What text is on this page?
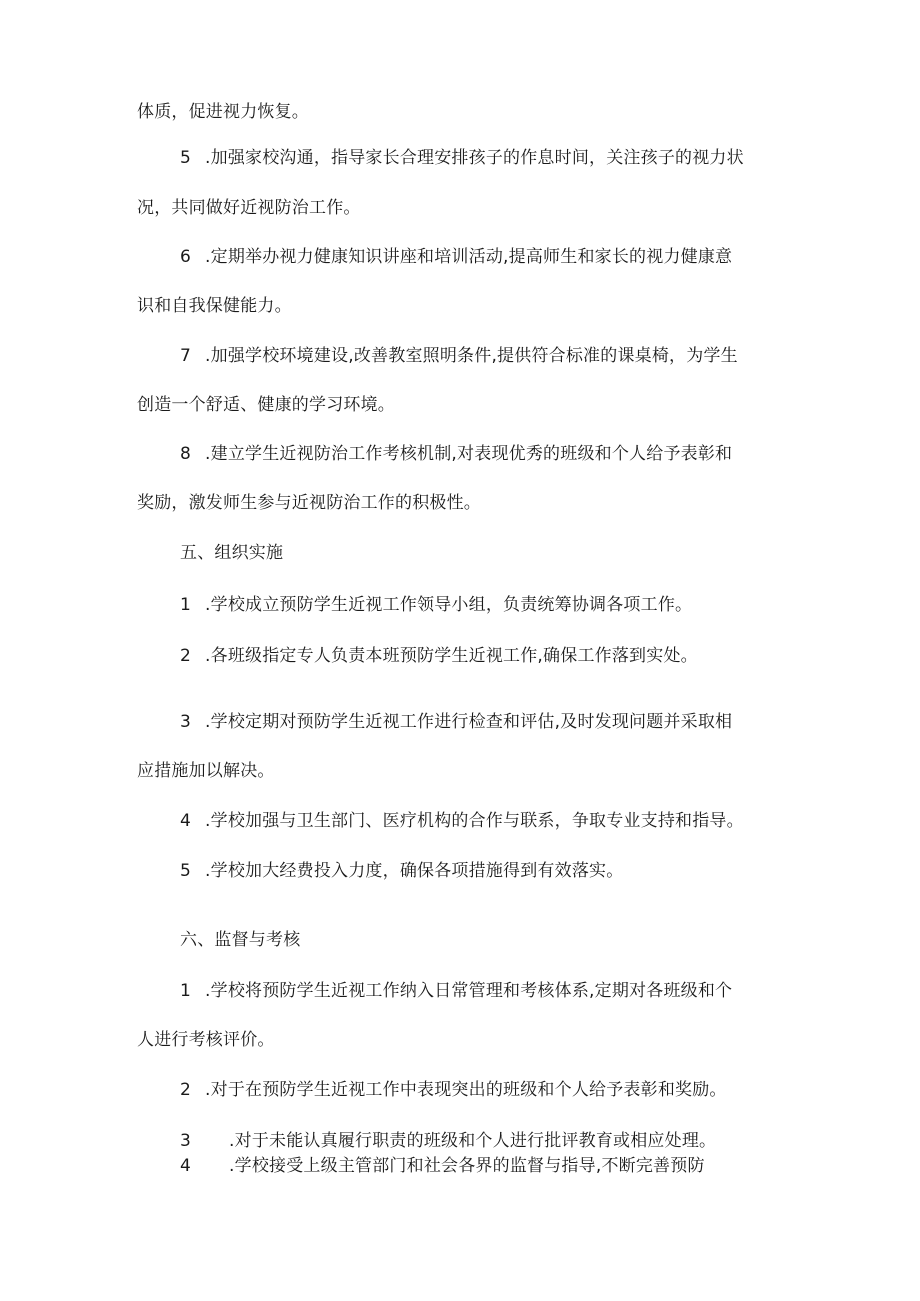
体质，促进视力恢复。
5 .加强家校沟通，指导家长合理安排孩子的作息时间，关注孩子的视力状
况，共同做好近视防治工作。
6 .定期举办视力健康知识讲座和培训活动,提高师生和家长的视力健康意
识和自我保健能力。
7 .加强学校环境建设,改善教室照明条件,提供符合标准的课桌椅，为学生
创造一个舒适、健康的学习环境。
8 .建立学生近视防治工作考核机制,对表现优秀的班级和个人给予表彰和
奖励，激发师生参与近视防治工作的积极性。
五、组织实施
1 .学校成立预防学生近视工作领导小组，负责统筹协调各项工作。
2 .各班级指定专人负责本班预防学生近视工作,确保工作落到实处。
3 .学校定期对预防学生近视工作进行检查和评估,及时发现问题并采取相
应措施加以解决。
4 .学校加强与卫生部门、医疗机构的合作与联系，争取专业支持和指导。
5 .学校加大经费投入力度，确保各项措施得到有效落实。
六、监督与考核
1 .学校将预防学生近视工作纳入日常管理和考核体系,定期对各班级和个
人进行考核评价。
2 .对于在预防学生近视工作中表现突出的班级和个人给予表彰和奖励。
3 .对于未能认真履行职责的班级和个人进行批评教育或相应处理。
4 .学校接受上级主管部门和社会各界的监督与指导,不断完善预防
